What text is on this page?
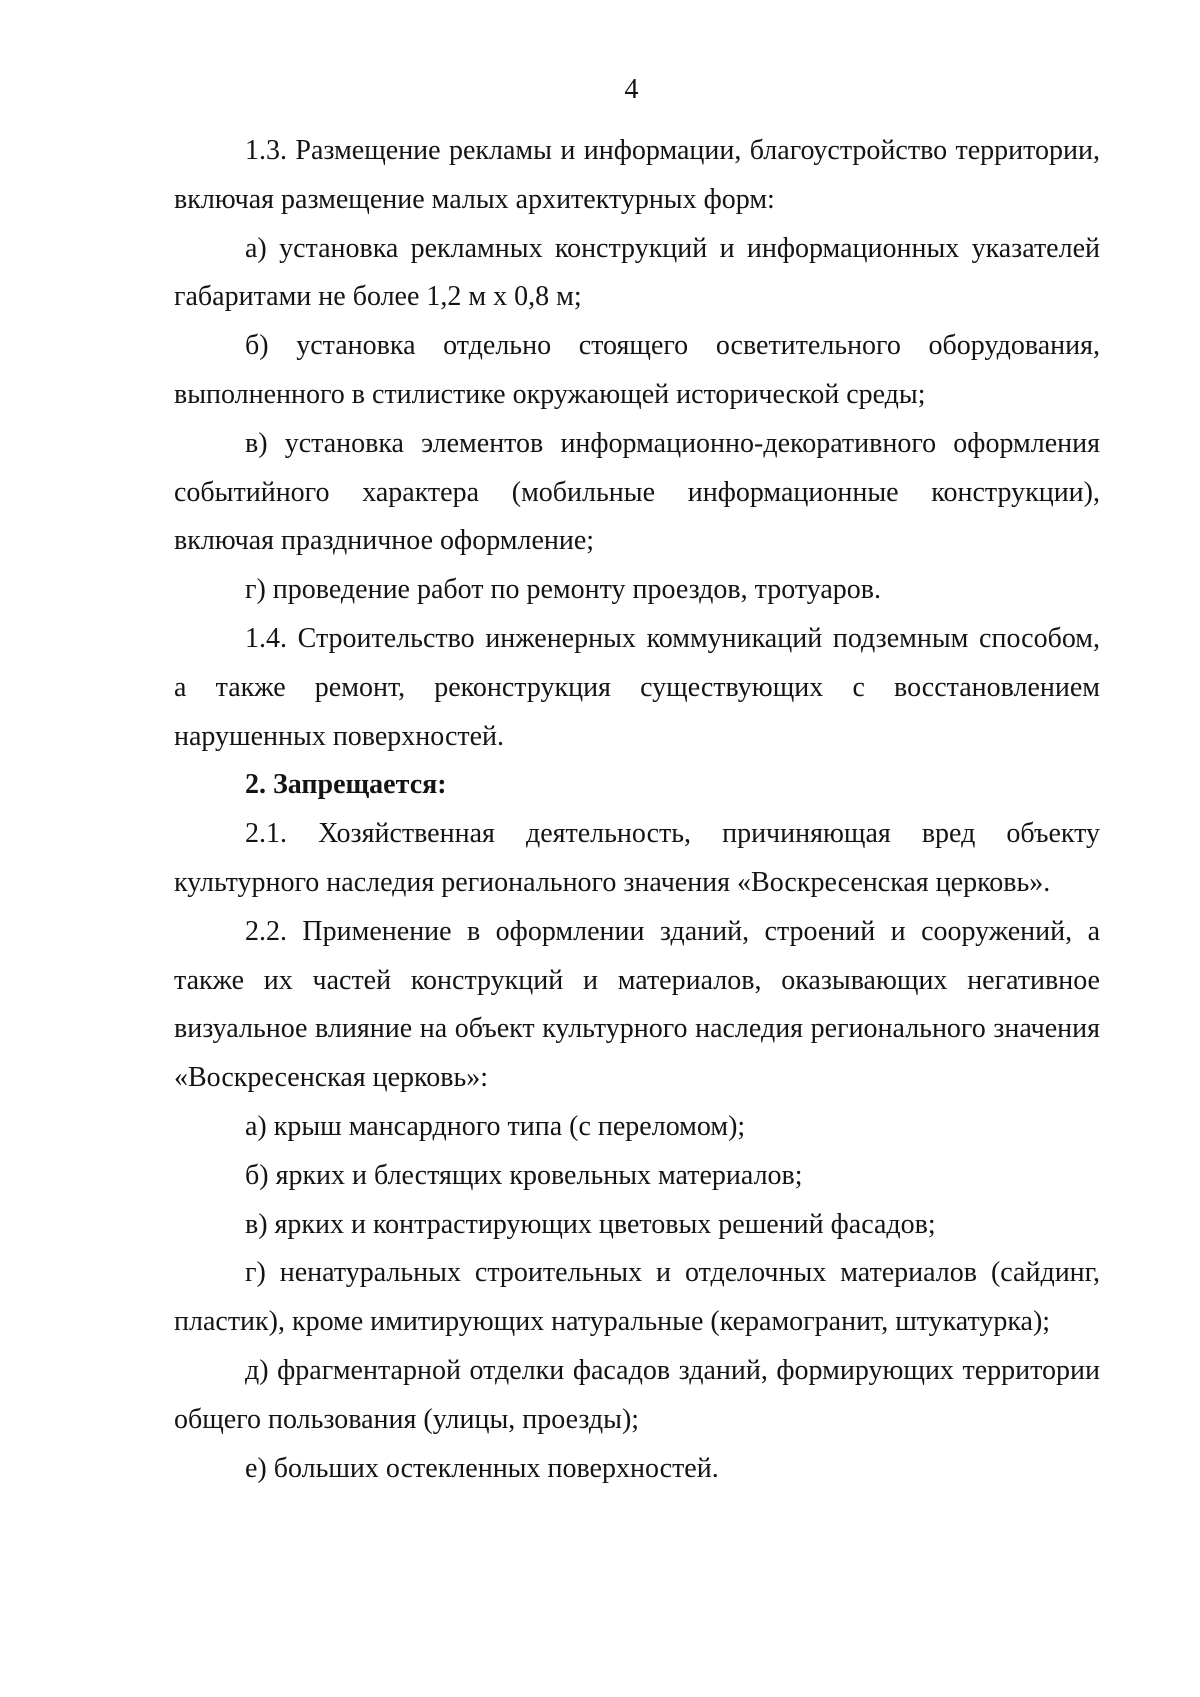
4

1.3. Размещение рекламы и информации, благоустройство территории, включая размещение малых архитектурных форм:

а) установка рекламных конструкций и информационных указателей габаритами не более 1,2 м х 0,8 м;

б) установка отдельно стоящего осветительного оборудования, выполненного в стилистике окружающей исторической среды;

в) установка элементов информационно-декоративного оформления событийного характера (мобильные информационные конструкции), включая праздничное оформление;

г) проведение работ по ремонту проездов, тротуаров.

1.4. Строительство инженерных коммуникаций подземным способом, а также ремонт, реконструкция существующих с восстановлением нарушенных поверхностей.

2. Запрещается:

2.1. Хозяйственная деятельность, причиняющая вред объекту культурного наследия регионального значения «Воскресенская церковь».

2.2. Применение в оформлении зданий, строений и сооружений, а также их частей конструкций и материалов, оказывающих негативное визуальное влияние на объект культурного наследия регионального значения «Воскресенская церковь»:

а) крыш мансардного типа (с переломом);

б) ярких и блестящих кровельных материалов;

в) ярких и контрастирующих цветовых решений фасадов;

г) ненатуральных строительных и отделочных материалов (сайдинг, пластик), кроме имитирующих натуральные (керамогранит, штукатурка);

д) фрагментарной отделки фасадов зданий, формирующих территории общего пользования (улицы, проезды);

е) больших остекленных поверхностей.
